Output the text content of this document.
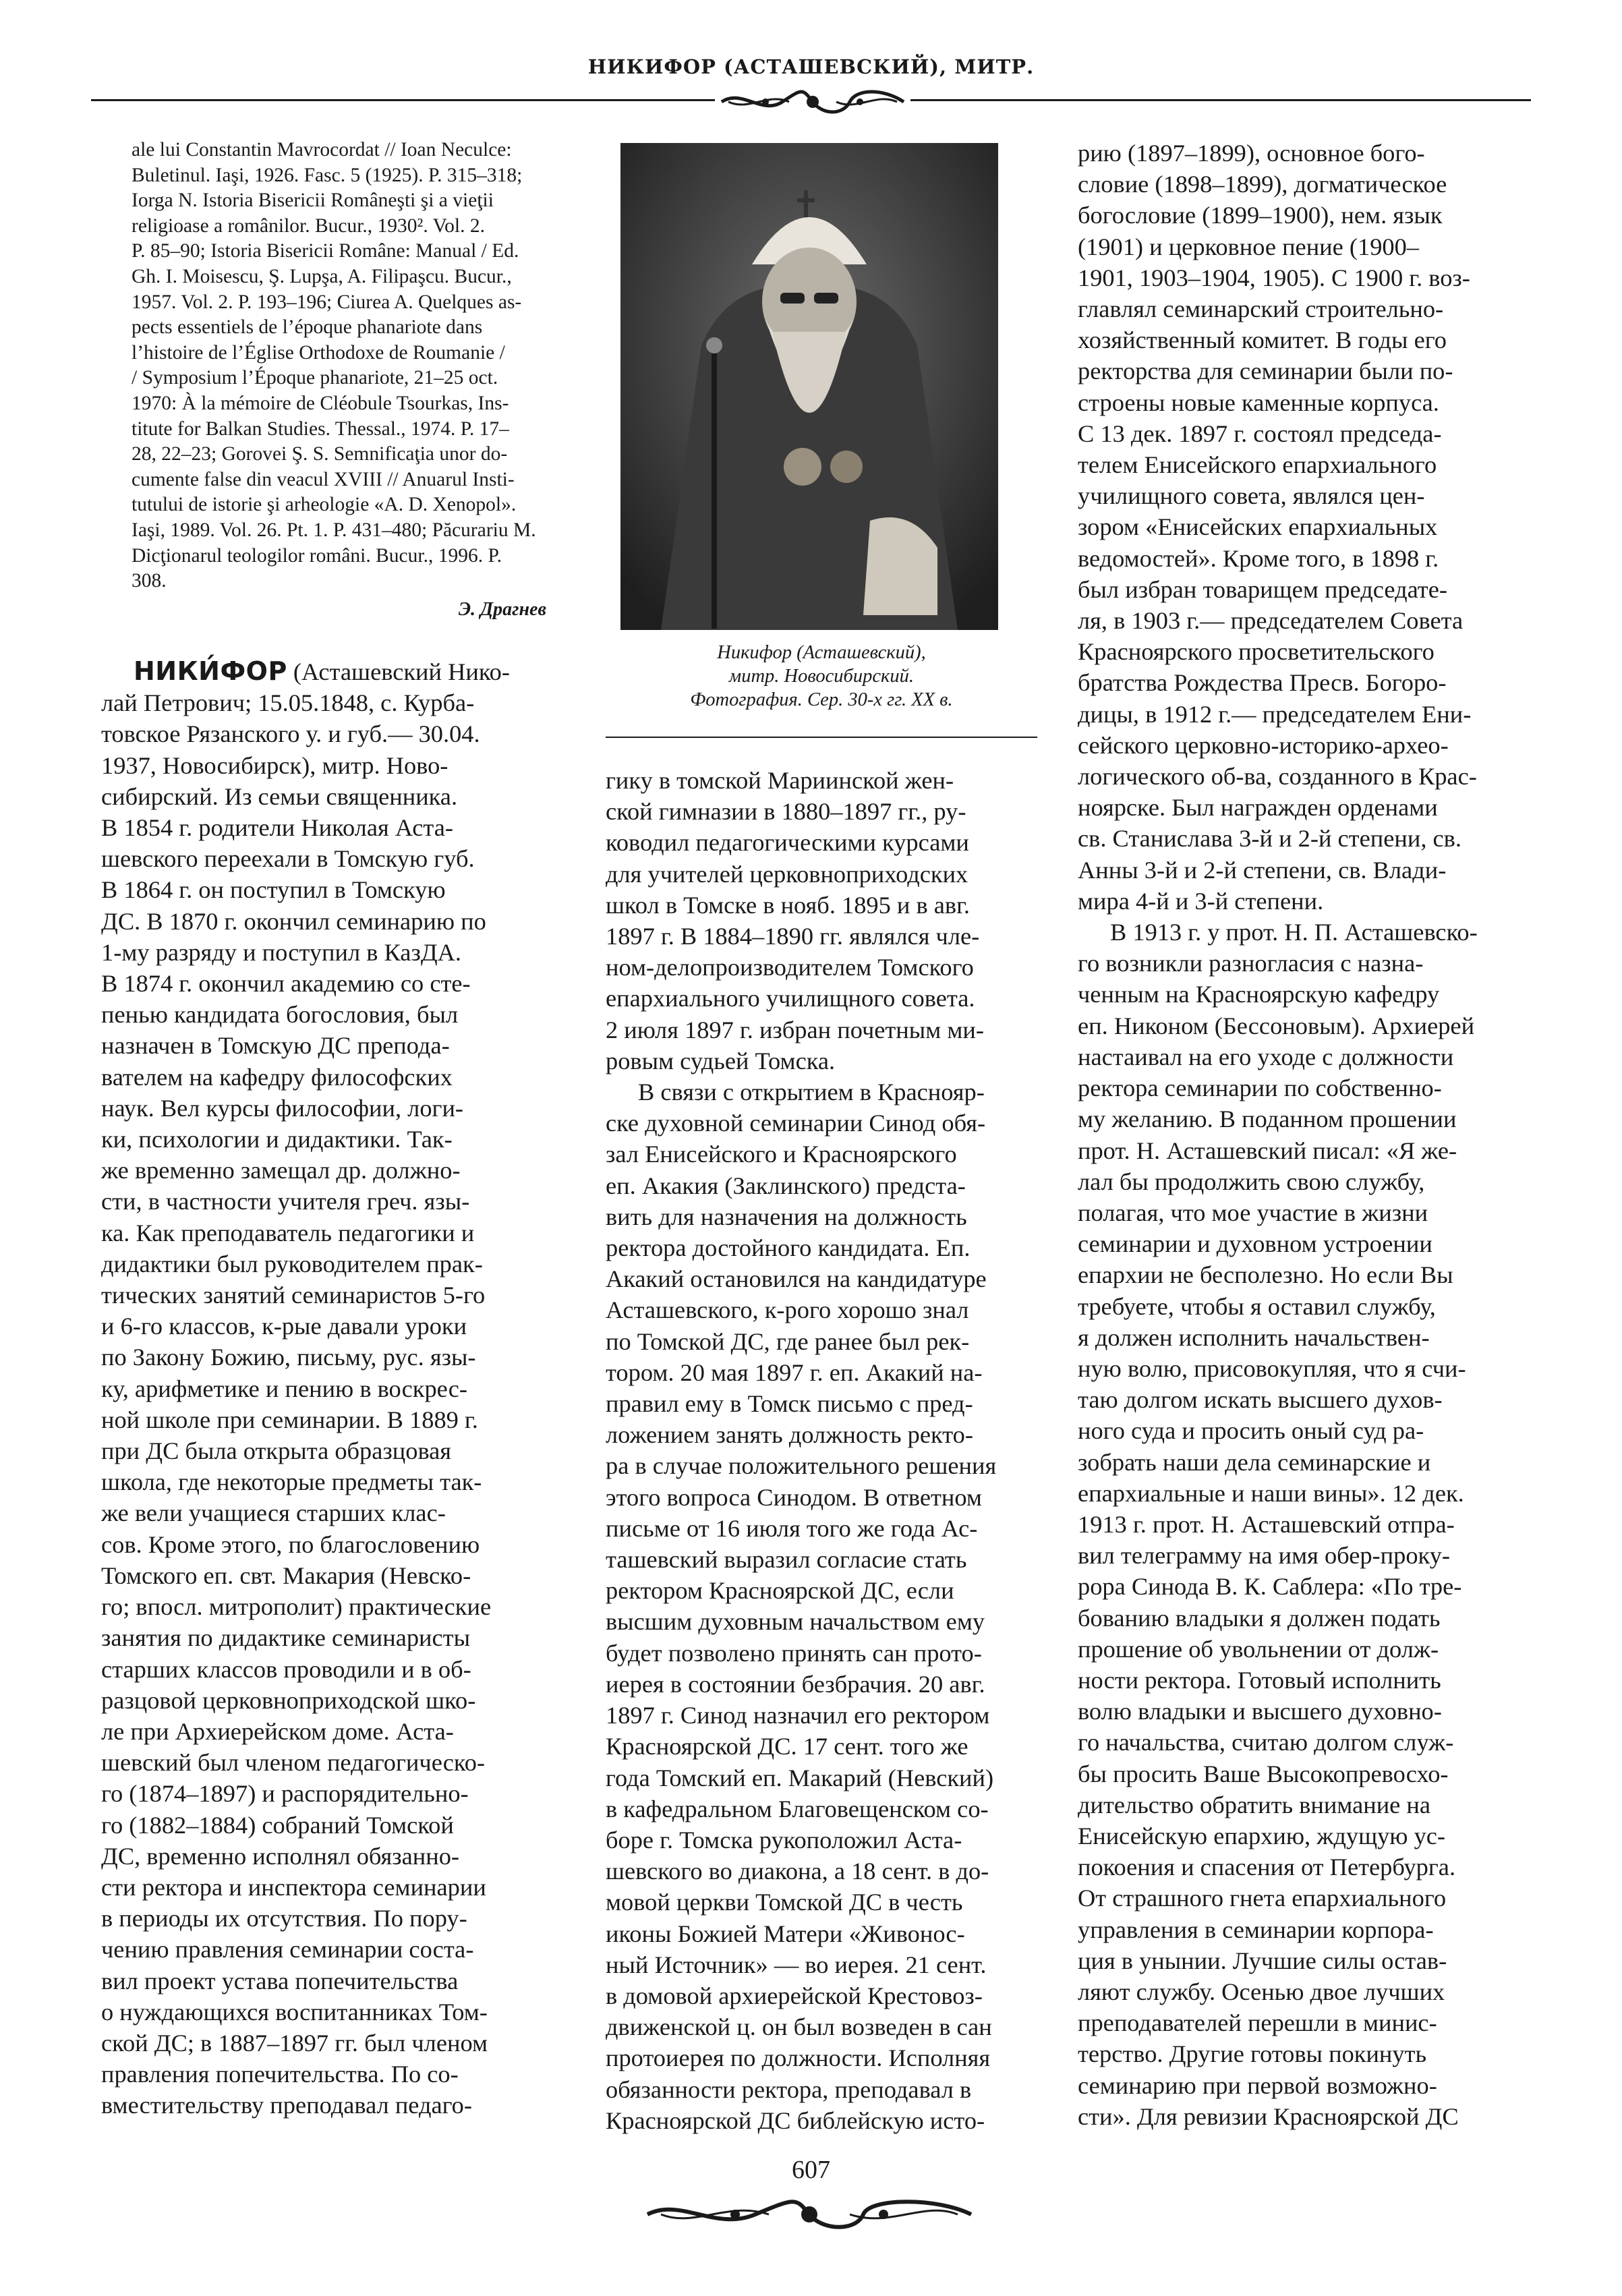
НИКИФОР (АСТАШЕВСКИЙ), МИТР.

ale lui Constantin Mavrocordat // Ioan Neculce:

Buletinul. Iaşi, 1926. Fasc. 5 (1925). P. 315–318;

Iorga N. Istoria Bisericii Româneşti şi a vieţii

religioase a românilor. Bucur., 1930². Vol. 2.

P. 85–90; Istoria Bisericii Române: Manual / Ed.

Gh. I. Moisescu, Ş. Lupşa, A. Filipaşcu. Bucur.,

1957. Vol. 2. P. 193–196; Ciurea A. Quelques as-

pects essentiels de l’époque phanariote dans

l’histoire de l’Église Orthodoxe de Roumanie /

/ Symposium l’Époque phanariote, 21–25 oct.

1970: À la mémoire de Cléobule Tsourkas, Ins-

titute for Balkan Studies. Thessal., 1974. P. 17–

28, 22–23; Gorovei Ş. S. Semnificaţia unor do-

cumente false din veacul XVIII // Anuarul Insti-

tutului de istorie şi arheologie «A. D. Xenopol».

Iaşi, 1989. Vol. 26. Pt. 1. P. 431–480; Păcurariu M.

Dicţionarul teologilor români. Bucur., 1996. P.

308.

Э. Драгнев
Никифор (Асташевский),
митр. Новосибирский.
Фотография. Сер. 30-х гг. XX в.

НИКИ́ФОР (Асташевский Нико-

лай Петрович; 15.05.1848, с. Курба-

товское Рязанского у. и губ.— 30.04.

1937, Новосибирск), митр. Ново-

сибирский. Из семьи священника.

В 1854 г. родители Николая Аста-

шевского переехали в Томскую губ.

В 1864 г. он поступил в Томскую

ДС. В 1870 г. окончил семинарию по

1-му разряду и поступил в КазДА.

В 1874 г. окончил академию со сте-

пенью кандидата богословия, был

назначен в Томскую ДС препода-

вателем на кафедру философских

наук. Вел курсы философии, логи-

ки, психологии и дидактики. Так-

же временно замещал др. должно-

сти, в частности учителя греч. язы-

ка. Как преподаватель педагогики и

дидактики был руководителем прак-

тических занятий семинаристов 5-го

и 6-го классов, к-рые давали уроки

по Закону Божию, письму, рус. язы-

ку, арифметике и пению в воскрес-

ной школе при семинарии. В 1889 г.

при ДС была открыта образцовая

школа, где некоторые предметы так-

же вели учащиеся старших клас-

сов. Кроме этого, по благословению

Томского еп. свт. Макария (Невско-

го; впосл. митрополит) практические

занятия по дидактике семинаристы

старших классов проводили и в об-

разцовой церковноприходской шко-

ле при Архиерейском доме. Аста-

шевский был членом педагогическо-

го (1874–1897) и распорядительно-

го (1882–1884) собраний Томской

ДС, временно исполнял обязанно-

сти ректора и инспектора семинарии

в периоды их отсутствия. По пору-

чению правления семинарии соста-

вил проект устава попечительства

о нуждающихся воспитанниках Том-

ской ДС; в 1887–1897 гг. был членом

правления попечительства. По со-

вместительству преподавал педаго-

гику в томской Мариинской жен-

ской гимназии в 1880–1897 гг., ру-

ководил педагогическими курсами

для учителей церковноприходских

школ в Томске в нояб. 1895 и в авг.

1897 г. В 1884–1890 гг. являлся чле-

ном-делопроизводителем Томского

епархиального училищного совета.

2 июля 1897 г. избран почетным ми-

ровым судьей Томска.

В связи с открытием в Краснояр-

ске духовной семинарии Синод обя-

зал Енисейского и Красноярского

еп. Акакия (Заклинского) предста-

вить для назначения на должность

ректора достойного кандидата. Еп.

Акакий остановился на кандидатуре

Асташевского, к-рого хорошо знал

по Томской ДС, где ранее был рек-

тором. 20 мая 1897 г. еп. Акакий на-

правил ему в Томск письмо с пред-

ложением занять должность ректо-

ра в случае положительного решения

этого вопроса Синодом. В ответном

письме от 16 июля того же года Ас-

ташевский выразил согласие стать

ректором Красноярской ДС, если

высшим духовным начальством ему

будет позволено принять сан прото-

иерея в состоянии безбрачия. 20 авг.

1897 г. Синод назначил его ректором

Красноярской ДС. 17 сент. того же

года Томский еп. Макарий (Невский)

в кафедральном Благовещенском со-

боре г. Томска рукоположил Аста-

шевского во диакона, а 18 сент. в до-

мовой церкви Томской ДС в честь

иконы Божией Матери «Живонос-

ный Источник» — во иерея. 21 сент.

в домовой архиерейской Крестовоз-

движенской ц. он был возведен в сан

протоиерея по должности. Исполняя

обязанности ректора, преподавал в

Красноярской ДС библейскую исто-

рию (1897–1899), основное бого-

словие (1898–1899), догматическое

богословие (1899–1900), нем. язык

(1901) и церковное пение (1900–

1901, 1903–1904, 1905). С 1900 г. воз-

главлял семинарский строительно-

хозяйственный комитет. В годы его

ректорства для семинарии были по-

строены новые каменные корпуса.

С 13 дек. 1897 г. состоял председа-

телем Енисейского епархиального

училищного совета, являлся цен-

зором «Енисейских епархиальных

ведомостей». Кроме того, в 1898 г.

был избран товарищем председате-

ля, в 1903 г.— председателем Совета

Красноярского просветительского

братства Рождества Пресв. Богоро-

дицы, в 1912 г.— председателем Ени-

сейского церковно-историко-архео-

логического об-ва, созданного в Крас-

ноярске. Был награжден орденами

св. Станислава 3-й и 2-й степени, св.

Анны 3-й и 2-й степени, св. Влади-

мира 4-й и 3-й степени.

В 1913 г. у прот. Н. П. Асташевско-

го возникли разногласия с назна-

ченным на Красноярскую кафедру

еп. Никоном (Бессоновым). Архиерей

настаивал на его уходе с должности

ректора семинарии по собственно-

му желанию. В поданном прошении

прот. Н. Асташевский писал: «Я же-

лал бы продолжить свою службу,

полагая, что мое участие в жизни

семинарии и духовном устроении

епархии не бесполезно. Но если Вы

требуете, чтобы я оставил службу,

я должен исполнить начальствен-

ную волю, присовокупляя, что я счи-

таю долгом искать высшего духов-

ного суда и просить оный суд ра-

зобрать наши дела семинарские и

епархиальные и наши вины». 12 дек.

1913 г. прот. Н. Асташевский отпра-

вил телеграмму на имя обер-проку-

рора Синода В. К. Саблера: «По тре-

бованию владыки я должен подать

прошение об увольнении от долж-

ности ректора. Готовый исполнить

волю владыки и высшего духовно-

го начальства, считаю долгом служ-

бы просить Ваше Высокопревосхо-

дительство обратить внимание на

Енисейскую епархию, ждущую ус-

покоения и спасения от Петербурга.

От страшного гнета епархиального

управления в семинарии корпора-

ция в унынии. Лучшие силы остав-

ляют службу. Осенью двое лучших

преподавателей перешли в минис-

терство. Другие готовы покинуть

семинарию при первой возможно-

сти». Для ревизии Красноярской ДС

607
